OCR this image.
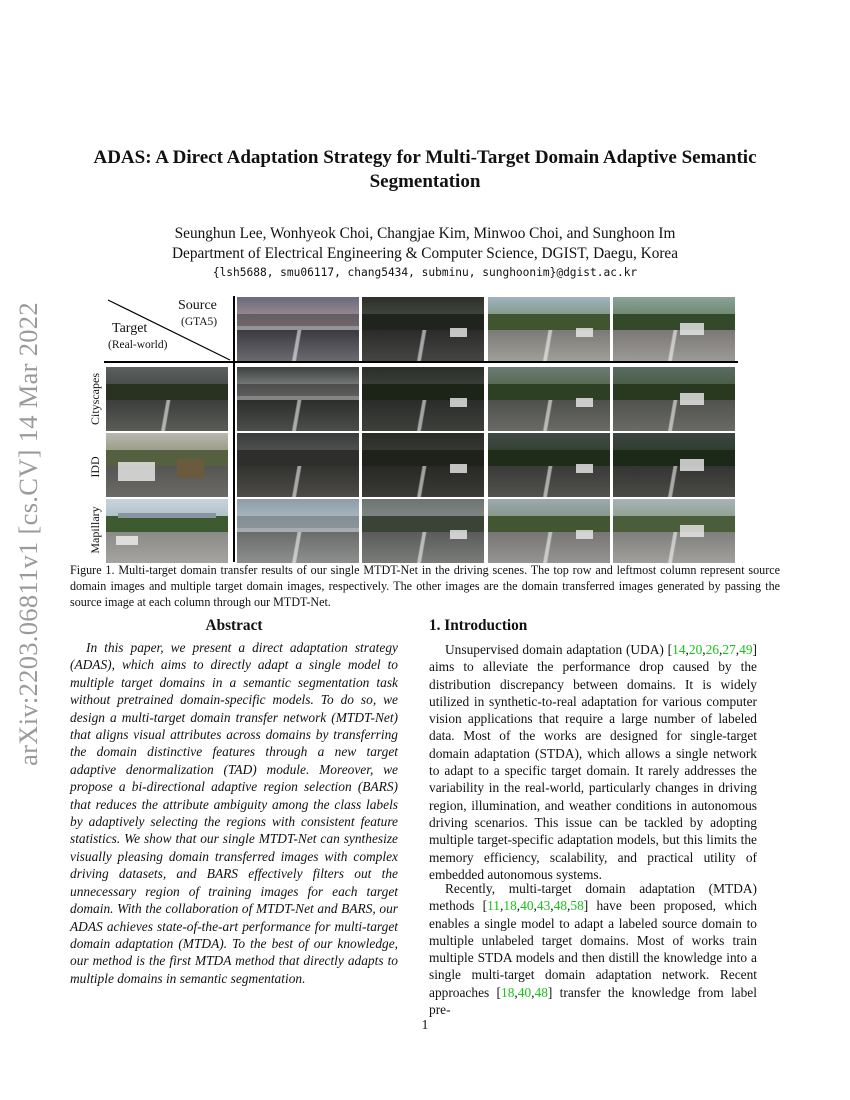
arXiv:2203.06811v1 [cs.CV] 14 Mar 2022
ADAS: A Direct Adaptation Strategy for Multi-Target Domain Adaptive Semantic Segmentation
Seunghun Lee, Wonhyeok Choi, Changjae Kim, Minwoo Choi, and Sunghoon Im
Department of Electrical Engineering & Computer Science, DGIST, Daegu, Korea
{lsh5688, smu06117, chang5434, subminu, sunghoonim}@dgist.ac.kr
Source
(GTA5)
Target
(Real-world)
Cityscapes
IDD
Mapillary
Figure 1. Multi-target domain transfer results of our single MTDT-Net in the driving scenes. The top row and leftmost column represent source domain images and multiple target domain images, respectively. The other images are the domain transferred images generated by passing the source image at each column through our MTDT-Net.
Abstract
In this paper, we present a direct adaptation strategy (ADAS), which aims to directly adapt a single model to multiple target domains in a semantic segmentation task without pretrained domain-specific models. To do so, we design a multi-target domain transfer network (MTDT-Net) that aligns visual attributes across domains by transferring the domain distinctive features through a new target adaptive denormalization (TAD) module. Moreover, we propose a bi-directional adaptive region selection (BARS) that reduces the attribute ambiguity among the class labels by adaptively selecting the regions with consistent feature statistics. We show that our single MTDT-Net can synthesize visually pleasing domain transferred images with complex driving datasets, and BARS effectively filters out the unnecessary region of training images for each target domain. With the collaboration of MTDT-Net and BARS, our ADAS achieves state-of-the-art performance for multi-target domain adaptation (MTDA). To the best of our knowledge, our method is the first MTDA method that directly adapts to multiple domains in semantic segmentation.
1. Introduction
Unsupervised domain adaptation (UDA) [14,20,26,27,49] aims to alleviate the performance drop caused by the distribution discrepancy between domains. It is widely utilized in synthetic-to-real adaptation for various computer vision applications that require a large number of labeled data. Most of the works are designed for single-target domain adaptation (STDA), which allows a single network to adapt to a specific target domain. It rarely addresses the variability in the real-world, particularly changes in driving region, illumination, and weather conditions in autonomous driving scenarios. This issue can be tackled by adopting multiple target-specific adaptation models, but this limits the memory efficiency, scalability, and practical utility of embedded autonomous systems.
Recently, multi-target domain adaptation (MTDA) methods [11,18,40,43,48,58] have been proposed, which enables a single model to adapt a labeled source domain to multiple unlabeled target domains. Most of works train multiple STDA models and then distill the knowledge into a single multi-target domain adaptation network. Recent approaches [18,40,48] transfer the knowledge from label pre-
1
